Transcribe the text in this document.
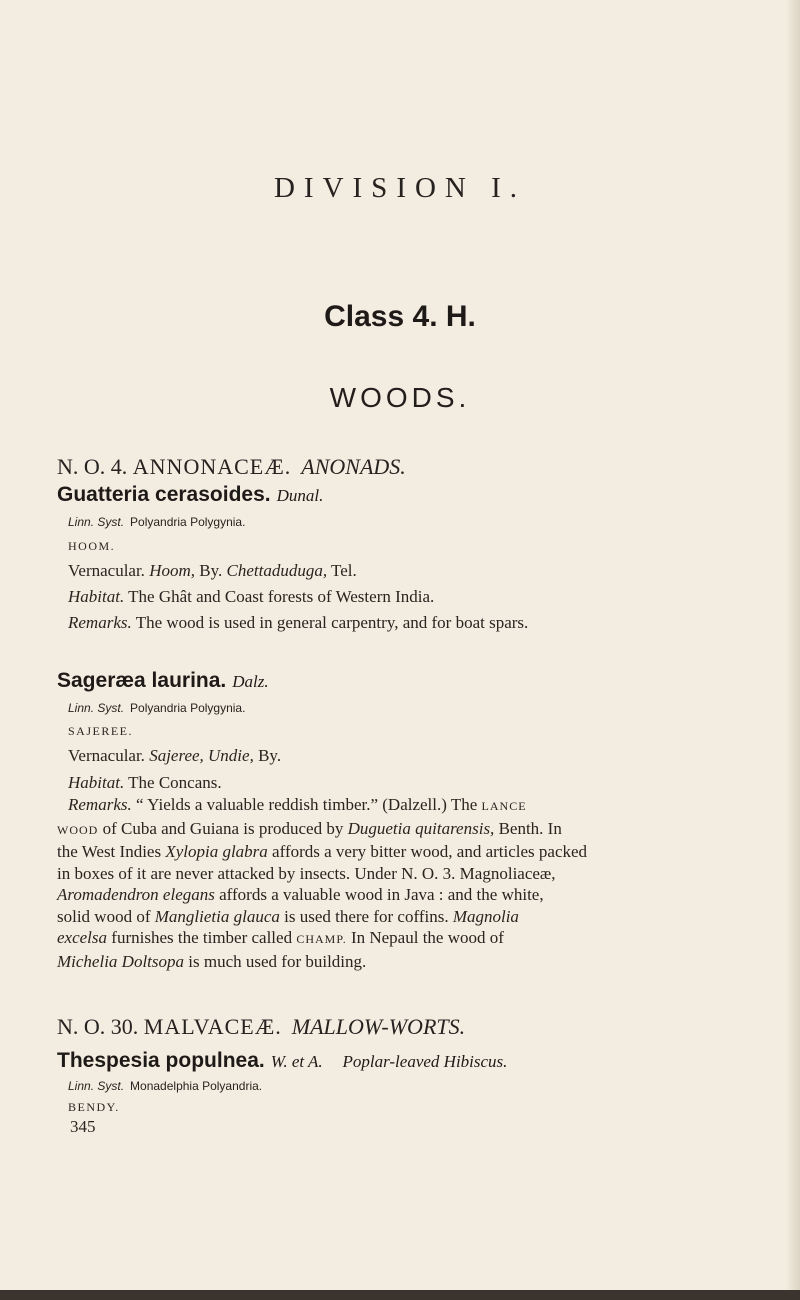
DIVISION I.
Class 4. H.
WOODS.
N. O. 4. ANNONACEÆ. ANONADS.
Guatteria cerasoides. Dunal.
Linn. Syst. Polyandria Polygynia.
HOOM.
Vernacular. Hoom, By. Chettaduduga, Tel.
Habitat. The Ghât and Coast forests of Western India.
Remarks. The wood is used in general carpentry, and for boat spars.
Sageræa laurina. Dalz.
Linn. Syst. Polyandria Polygynia.
SAJEREE.
Vernacular. Sajeree, Undie, By.
Habitat. The Concans.
Remarks. “ Yields a valuable reddish timber.” (Dalzell.) The LANCE
WOOD of Cuba and Guiana is produced by Duguetia quitarensis, Benth. In
the West Indies Xylopia glabra affords a very bitter wood, and articles packed
in boxes of it are never attacked by insects. Under N. O. 3. Magnoliaceæ,
Aromadendron elegans affords a valuable wood in Java : and the white,
solid wood of Manglietia glauca is used there for coffins. Magnolia
excelsa furnishes the timber called CHAMP. In Nepaul the wood of
Michelia Doltsopa is much used for building.
N. O. 30. MALVACEÆ. MALLOW-WORTS.
Thespesia populnea. W. et A. Poplar-leaved Hibiscus.
Linn. Syst. Monadelphia Polyandria.
BENDY.
345
